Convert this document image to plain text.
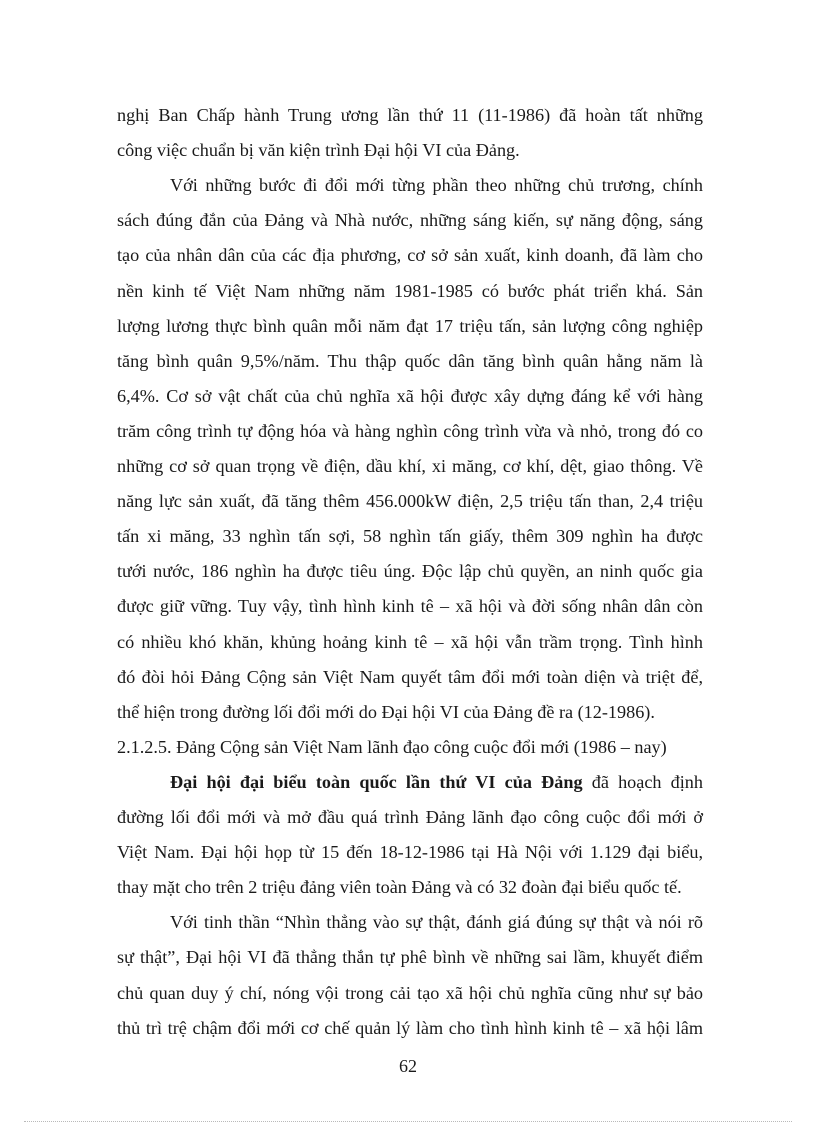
nghị Ban Chấp hành Trung ương lần thứ 11 (11-1986) đã hoàn tất những
công việc chuẩn bị văn kiện trình Đại hội VI của Đảng.
Với những bước đi đổi mới từng phần theo những chủ trương, chính
sách đúng đắn của Đảng và Nhà nước, những sáng kiến, sự năng động, sáng
tạo của nhân dân của các địa phương, cơ sở sản xuất, kinh doanh, đã làm cho
nền kinh tế Việt Nam những năm 1981-1985 có bước phát triển khá. Sản
lượng lương thực bình quân mỗi năm đạt 17 triệu tấn, sản lượng công nghiệp
tăng bình quân 9,5%/năm. Thu thập quốc dân tăng bình quân hằng năm là
6,4%. Cơ sở vật chất của chủ nghĩa xã hội được xây dựng đáng kể với hàng
trăm công trình tự động hóa và hàng nghìn công trình vừa và nhỏ, trong đó co
những cơ sở quan trọng về điện, dầu khí, xi măng, cơ khí, dệt, giao thông. Về
năng lực sản xuất, đã tăng thêm 456.000kW điện, 2,5 triệu tấn than, 2,4 triệu
tấn xi măng, 33 nghìn tấn sợi, 58 nghìn tấn giấy, thêm 309 nghìn ha được
tưới nước, 186 nghìn ha được tiêu úng. Độc lập chủ quyền, an ninh quốc gia
được giữ vững. Tuy vậy, tình hình kinh tê – xã hội và đời sống nhân dân còn
có nhiều khó khăn, khủng hoảng kinh tê – xã hội vẫn trầm trọng. Tình hình
đó đòi hỏi Đảng Cộng sản Việt Nam quyết tâm đổi mới toàn diện và triệt để,
thể hiện trong đường lối đổi mới do Đại hội VI của Đảng đề ra (12-1986).
2.1.2.5. Đảng Cộng sản Việt Nam lãnh đạo công cuộc đổi mới (1986 – nay)
Đại hội đại biểu toàn quốc lần thứ VI của Đảng đã hoạch định
đường lối đổi mới và mở đầu quá trình Đảng lãnh đạo công cuộc đổi mới ở
Việt Nam. Đại hội họp từ 15 đến 18-12-1986 tại Hà Nội với 1.129 đại biểu,
thay mặt cho trên 2 triệu đảng viên toàn Đảng và có 32 đoàn đại biểu quốc tế.
Với tinh thần “Nhìn thẳng vào sự thật, đánh giá đúng sự thật và nói rõ
sự thật”, Đại hội VI đã thẳng thắn tự phê bình về những sai lầm, khuyết điểm
chủ quan duy ý chí, nóng vội trong cải tạo xã hội chủ nghĩa cũng như sự bảo
thủ trì trệ chậm đổi mới cơ chế quản lý làm cho tình hình kinh tê – xã hội lâm
62
